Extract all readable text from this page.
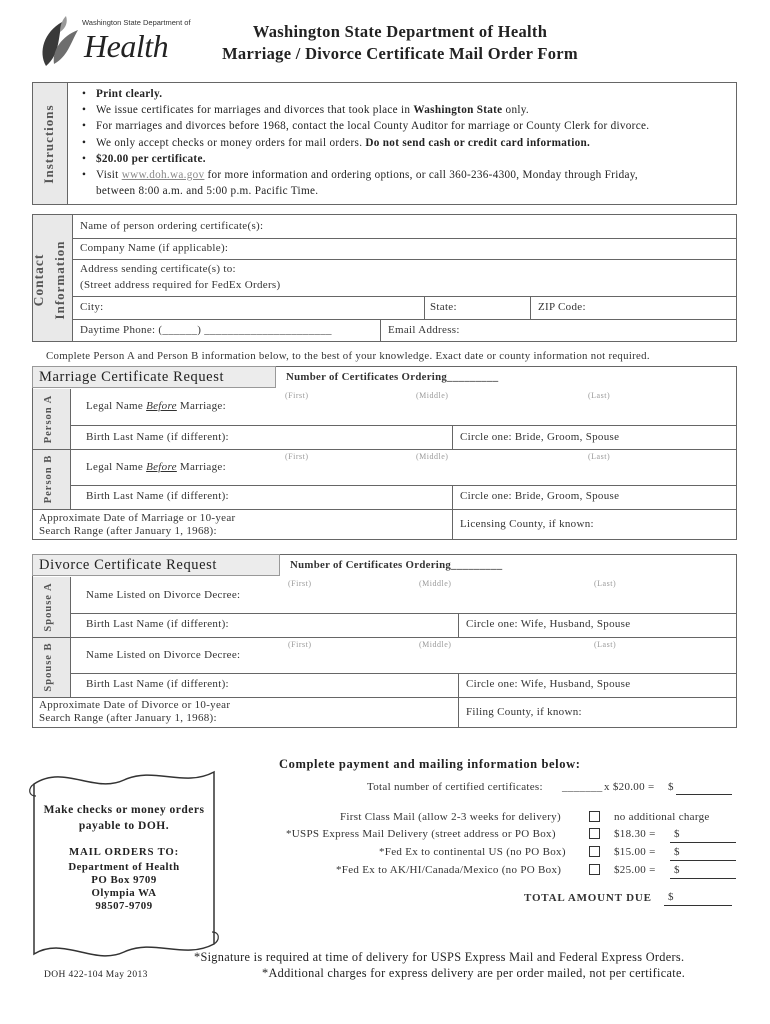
Washington State Department of
Health	Washington State Department of Health
Marriage / Divorce Certificate Mail Order Form
Instructions
• Print clearly.
• We issue certificates for marriages and divorces that took place in Washington State only.
• For marriages and divorces before 1968, contact the local County Auditor for marriage or County Clerk for divorce.
• We only accept checks or money orders for mail orders. Do not send cash or credit card information.
• $20.00 per certificate.
• Visit www.doh.wa.gov for more information and ordering options, or call 360-236-4300, Monday through Friday,
between 8:00 a.m. and 5:00 p.m. Pacific Time.
Contact Information
Name of person ordering certificate(s):
Company Name (if applicable):
Address sending certificate(s) to:
(Street address required for FedEx Orders)
City:	State:	ZIP Code:
Daytime Phone: (______) ______________________	Email Address:
Complete Person A and Person B information below, to the best of your knowledge. Exact date or county information not required.
Marriage Certificate Request	Number of Certificates Ordering_________
Person A
Person B
(First)	(Middle)	(Last)
Legal Name Before Marriage:
Birth Last Name (if different):	Circle one: Bride, Groom, Spouse
(First)	(Middle)	(Last)
Legal Name Before Marriage:
Birth Last Name (if different):	Circle one: Bride, Groom, Spouse
Approximate Date of Marriage or 10-year
Search Range (after January 1, 1968):
Licensing County, if known:
Divorce Certificate Request	Number of Certificates Ordering_________
Spouse A
Spouse B
(First)	(Middle)	(Last)
Name Listed on Divorce Decree:
Birth Last Name (if different):	Circle one: Wife, Husband, Spouse
(First)	(Middle)	(Last)
Name Listed on Divorce Decree:
Birth Last Name (if different):	Circle one: Wife, Husband, Spouse
Approximate Date of Divorce or 10-year
Search Range (after January 1, 1968):	Filing County, if known:
Make checks or money orders
payable to DOH.
MAIL ORDERS TO:
Department of Health
PO Box 9709
Olympia WA
98507-9709
Complete payment and mailing information below:
Total number of certified certificates: _______ x $20.00 = $
First Class Mail (allow 2-3 weeks for delivery)	no additional charge
*USPS Express Mail Delivery (street address or PO Box)	$18.30 = $
*Fed Ex to continental US (no PO Box)	$15.00 = $
*Fed Ex to AK/HI/Canada/Mexico (no PO Box)	$25.00 = $
TOTAL AMOUNT DUE $
*Signature is required at time of delivery for USPS Express Mail and Federal Express Orders.
*Additional charges for express delivery are per order mailed, not per certificate.
DOH 422-104 May 2013
